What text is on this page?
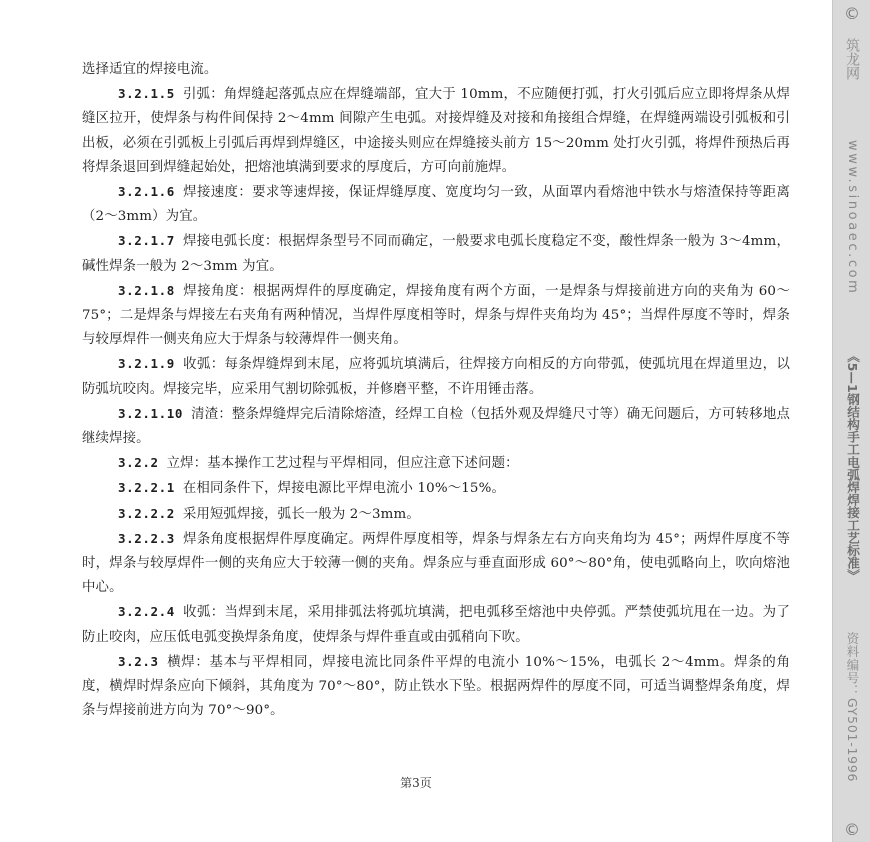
选择适宜的焊接电流。

3.2.1.5 引弧：角焊缝起落弧点应在焊缝端部，宜大于 10mm，不应随便打弧，打火引弧后应立即将焊条从焊缝区拉开，使焊条与构件间保持 2～4mm 间隙产生电弧。对接焊缝及对接和角接组合焊缝，在焊缝两端设引弧板和引出板，必须在引弧板上引弧后再焊到焊缝区，中途接头则应在焊缝接头前方 15～20mm 处打火引弧，将焊件预热后再将焊条退回到焊缝起始处，把熔池填满到要求的厚度后，方可向前施焊。

3.2.1.6 焊接速度：要求等速焊接，保证焊缝厚度、宽度均匀一致，从面罩内看熔池中铁水与熔渣保持等距离（2～3mm）为宜。

3.2.1.7 焊接电弧长度：根据焊条型号不同而确定，一般要求电弧长度稳定不变，酸性焊条一般为 3～4mm，碱性焊条一般为 2～3mm 为宜。

3.2.1.8 焊接角度：根据两焊件的厚度确定，焊接角度有两个方面，一是焊条与焊接前进方向的夹角为 60～75°；二是焊条与焊接左右夹角有两种情况，当焊件厚度相等时，焊条与焊件夹角均为 45°；当焊件厚度不等时，焊条与较厚焊件一侧夹角应大于焊条与较薄焊件一侧夹角。

3.2.1.9 收弧：每条焊缝焊到末尾，应将弧坑填满后，往焊接方向相反的方向带弧，使弧坑甩在焊道里边，以防弧坑咬肉。焊接完毕，应采用气割切除弧板，并修磨平整，不许用锤击落。

3.2.1.10 清渣：整条焊缝焊完后清除熔渣，经焊工自检（包括外观及焊缝尺寸等）确无问题后，方可转移地点继续焊接。

3.2.2 立焊：基本操作工艺过程与平焊相同，但应注意下述问题：

3.2.2.1 在相同条件下，焊接电源比平焊电流小 10%～15%。

3.2.2.2 采用短弧焊接，弧长一般为 2～3mm。

3.2.2.3 焊条角度根据焊件厚度确定。两焊件厚度相等，焊条与焊条左右方向夹角均为 45°；两焊件厚度不等时，焊条与较厚焊件一侧的夹角应大于较薄一侧的夹角。焊条应与垂直面形成 60°～80°角，使电弧略向上，吹向熔池中心。

3.2.2.4 收弧：当焊到末尾，采用排弧法将弧坑填满，把电弧移至熔池中央停弧。严禁使弧坑甩在一边。为了防止咬肉，应压低电弧变换焊条角度，使焊条与焊件垂直或由弧稍向下吹。

3.2.3 横焊：基本与平焊相同，焊接电流比同条件平焊的电流小 10%～15%，电弧长 2～4mm。焊条的角度，横焊时焊条应向下倾斜，其角度为 70°～80°，防止铁水下坠。根据两焊件的厚度不同，可适当调整焊条角度，焊条与焊接前进方向为 70°～90°。

第3页
©
筑龙网
www.sinoaec.com
《5—1钢结构手工电弧焊焊接工艺标准》
资料编号：GY501-1996
©
